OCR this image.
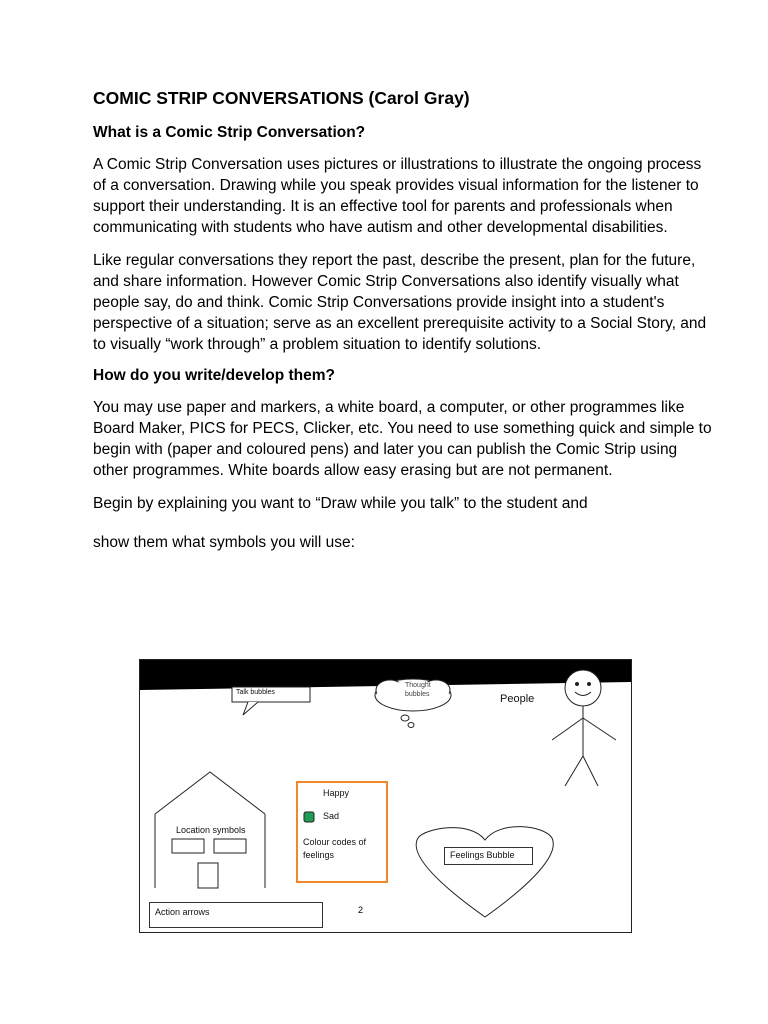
COMIC STRIP CONVERSATIONS (Carol Gray)
What is a Comic Strip Conversation?

A Comic Strip Conversation uses pictures or illustrations to illustrate the ongoing process of a conversation. Drawing while you speak provides visual information for the listener to support their understanding. It is an effective tool for parents and professionals when communicating with students who have autism and other developmental disabilities.

Like regular conversations they report the past, describe the present, plan for the future, and share information. However Comic Strip Conversations also identify visually what people say, do and think. Comic Strip Conversations provide insight into a student's perspective of a situation; serve as an excellent prerequisite activity to a Social Story, and to visually “work through” a problem situation to identify solutions.

How do you write/develop them?

You may use paper and markers, a white board, a computer, or other programmes like Board Maker, PICS for PECS, Clicker, etc. You need to use something quick and simple to begin with (paper and coloured pens) and later you can publish the Comic Strip using other programmes. White boards allow easy erasing but are not permanent.

Begin by explaining you want to “Draw while you talk” to the student and

show them what symbols you will use:

Talk bubbles
Thought
bubbles	People
Location symbols
Happy
Sad
Colour codes of
feelings	Feelings Bubble
Action arrows	2
